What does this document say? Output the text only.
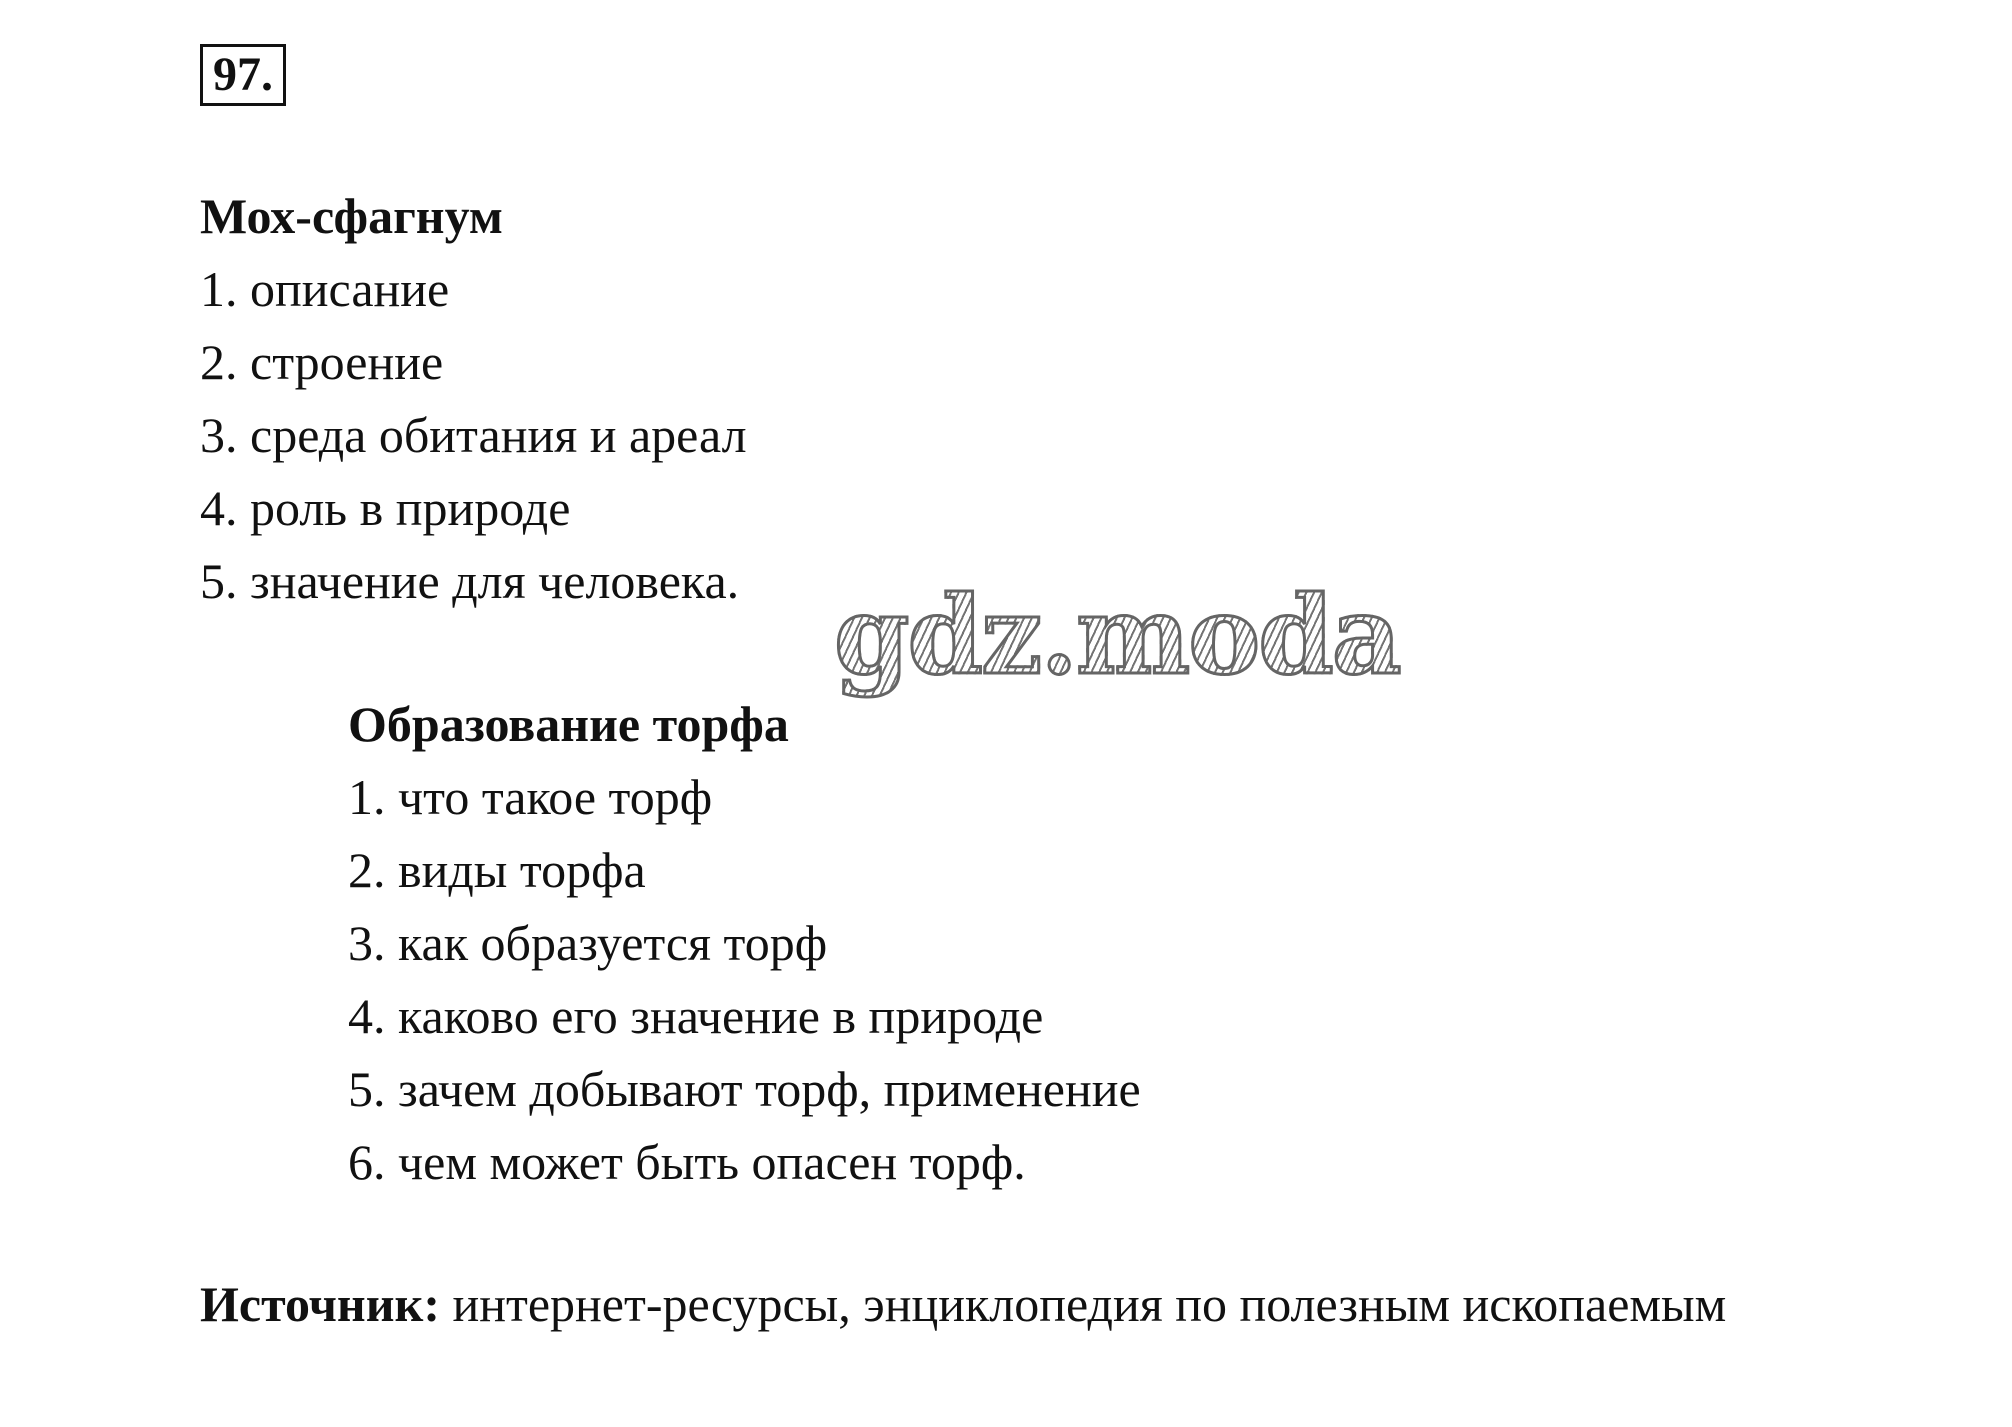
97.

Мох-сфагнум

1. описание
2. строение
3. среда обитания и ареал
4. роль в природе
5. значение для человека.

Образование торфа

1. что такое торф
2. виды торфа
3. как образуется торф
4. каково его значение в природе
5. зачем добывают торф, применение
6. чем может быть опасен торф.
Источник: интернет-ресурсы, энциклопедия по полезным ископаемым
gdz.moda
